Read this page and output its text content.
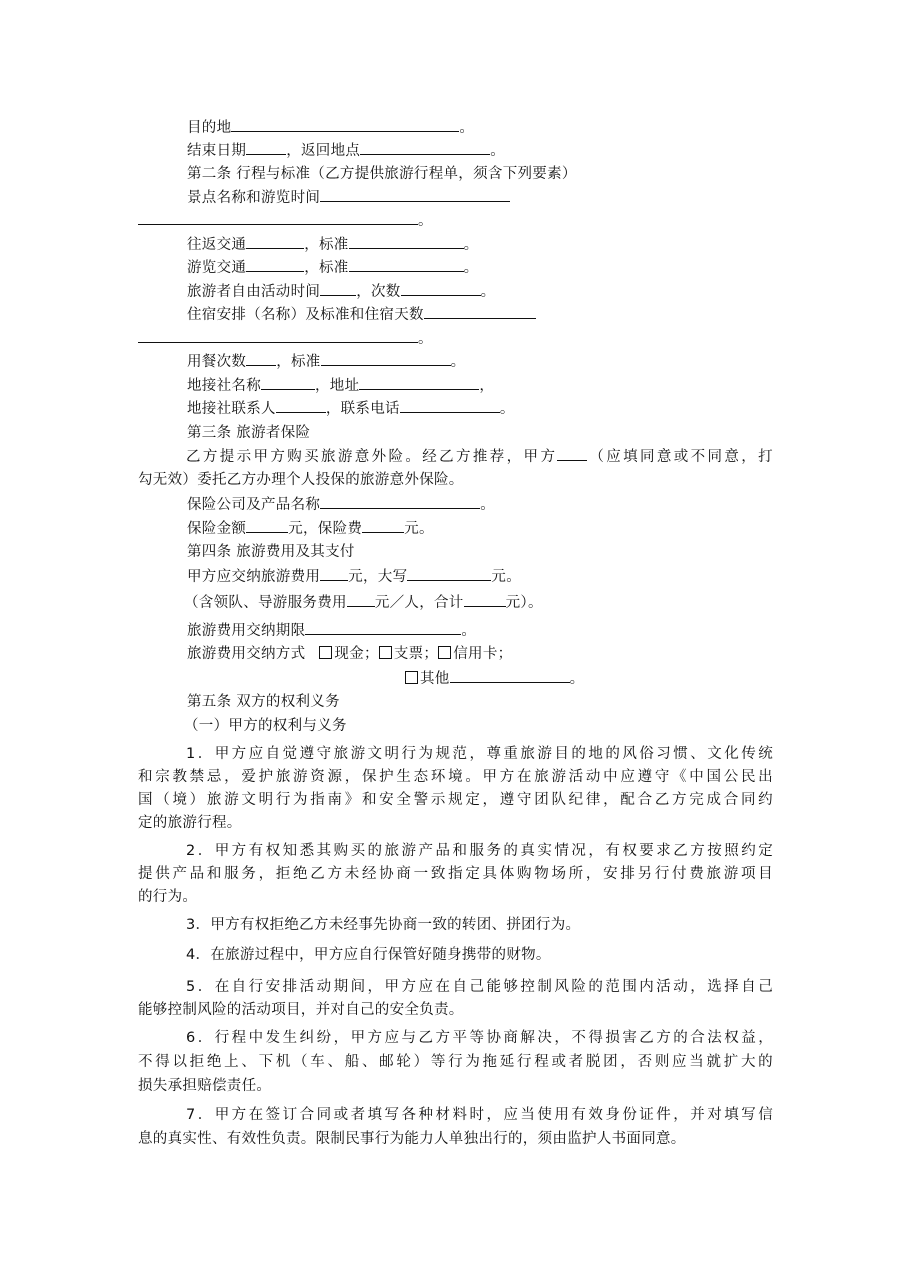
目的地	。
结束日期	，返回地点	。
第二条 行程与标准（乙方提供旅游行程单，须含下列要素）
景点名称和游览时间
。
往返交通	，标准	。
游览交通	，标准	。
旅游者自由活动时间 ，次数	。
住宿安排（名称）及标准和住宿天数
。
用餐次数 ，标准	。
地接社名称	，地址	，
地接社联系人	，联系电话	。
第三条 旅游者保险
乙方提示甲方购买旅游意外险。经乙方推荐，甲方 （应填同意或不同意，打
勾无效）委托乙方办理个人投保的旅游意外保险。
保险公司及产品名称	。
保险金额	元，保险费	元。
第四条 旅游费用及其支付
甲方应交纳旅游费用 元，大写	元。
（含领队、导游服务费用 元／人，合计	元）。
旅游费用交纳期限	。
旅游费用交纳方式 现金； 支票； 信用卡；
其他	。
第五条 双方的权利义务
（一）甲方的权利与义务
1．甲方应自觉遵守旅游文明行为规范，尊重旅游目的地的风俗习惯、文化传统
和宗教禁忌，爱护旅游资源，保护生态环境。甲方在旅游活动中应遵守《中国公民出
国（境）旅游文明行为指南》和安全警示规定，遵守团队纪律，配合乙方完成合同约
定的旅游行程。
2．甲方有权知悉其购买的旅游产品和服务的真实情况，有权要求乙方按照约定
提供产品和服务，拒绝乙方未经协商一致指定具体购物场所，安排另行付费旅游项目
的行为。
3．甲方有权拒绝乙方未经事先协商一致的转团、拼团行为。
4．在旅游过程中，甲方应自行保管好随身携带的财物。
5．在自行安排活动期间，甲方应在自己能够控制风险的范围内活动，选择自己
能够控制风险的活动项目，并对自己的安全负责。
6．行程中发生纠纷，甲方应与乙方平等协商解决，不得损害乙方的合法权益，
不得以拒绝上、下机（车、船、邮轮）等行为拖延行程或者脱团，否则应当就扩大的
损失承担赔偿责任。
7．甲方在签订合同或者填写各种材料时，应当使用有效身份证件，并对填写信
息的真实性、有效性负责。限制民事行为能力人单独出行的，须由监护人书面同意。
